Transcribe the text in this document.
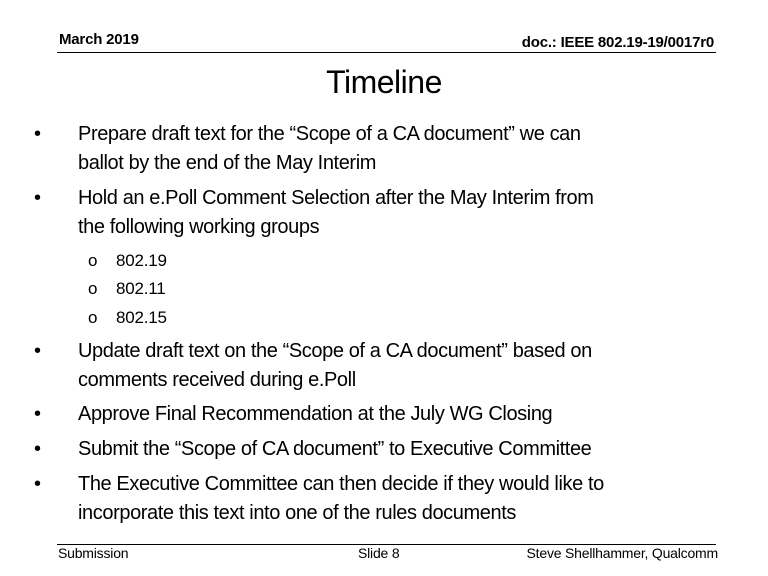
March 2019	doc.: IEEE 802.19-19/0017r0
Timeline
• Prepare draft text for the “Scope of a CA document” we can
ballot by the end of the May Interim
• Hold an e.Poll Comment Selection after the May Interim from
the following working groups
o 802.19
o 802.11
o 802.15
• Update draft text on the “Scope of a CA document” based on
comments received during e.Poll
• Approve Final Recommendation at the July WG Closing
• Submit the “Scope of CA document” to Executive Committee
• The Executive Committee can then decide if they would like to
incorporate this text into one of the rules documents
Submission	Slide 8	Steve Shellhammer, Qualcomm
